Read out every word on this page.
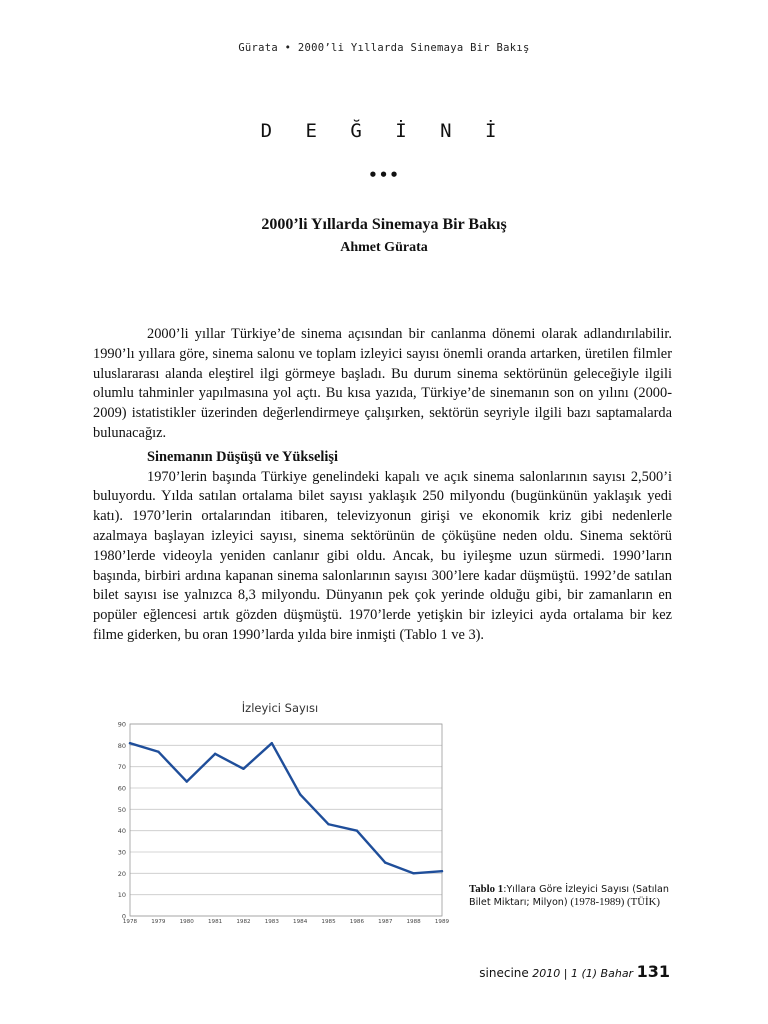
Gürata • 2000’li Yıllarda Sinemaya Bir Bakış
D E Ğ İ N İ
•••
2000’li Yıllarda Sinemaya Bir Bakış
Ahmet Gürata

2000’li yıllar Türkiye’de sinema açısından bir canlanma dönemi olarak adlandırılabilir. 1990’lı yıllara göre, sinema salonu ve toplam izleyici sayısı önemli oranda artarken, üretilen filmler uluslararası alanda eleştirel ilgi görmeye başladı. Bu durum sinema sektörünün geleceğiyle ilgili olumlu tahminler yapılmasına yol açtı. Bu kısa yazıda, Türkiye’de sinemanın son on yılını (2000-2009) istatistikler üzerinden değerlendirmeye çalışırken, sektörün seyriyle ilgili bazı saptamalarda bulunacağız.

Sinemanın Düşüşü ve Yükselişi

1970’lerin başında Türkiye genelindeki kapalı ve açık sinema salonlarının sayısı 2,500’i buluyordu. Yılda satılan ortalama bilet sayısı yaklaşık 250 milyondu (bugünkünün yaklaşık yedi katı). 1970’lerin ortalarından itibaren, televizyonun girişi ve ekonomik kriz gibi nedenlerle azalmaya başlayan izleyici sayısı, sinema sektörünün de çöküşüne neden oldu. Sinema sektörü 1980’lerde videoyla yeniden canlanır gibi oldu. Ancak, bu iyileşme uzun sürmedi. 1990’ların başında, birbiri ardına kapanan sinema salonlarının sayısı 300’lere kadar düşmüştü. 1992’de satılan bilet sayısı ise yalnızca 8,3 milyondu. Dünyanın pek çok yerinde olduğu gibi, bir zamanların en popüler eğlencesi artık gözden düşmüştü. 1970’lerde yetişkin bir izleyici ayda ortalama bir kez filme giderken, bu oran 1990’larda yılda bire inmişti (Tablo 1 ve 3).

İzleyici Sayısı
0
10
20
30
40
50
60
70
80
90
1978	1979	1980	1981	1982	1983	1984	1985	1986	1987	1988	1989
Tablo 1:Yıllara Göre İzleyici Sayısı (Satılan Bilet Miktarı; Milyon) (1978-1989) (TÜİK)
sinecine 2010 | 1 (1) Bahar 131
